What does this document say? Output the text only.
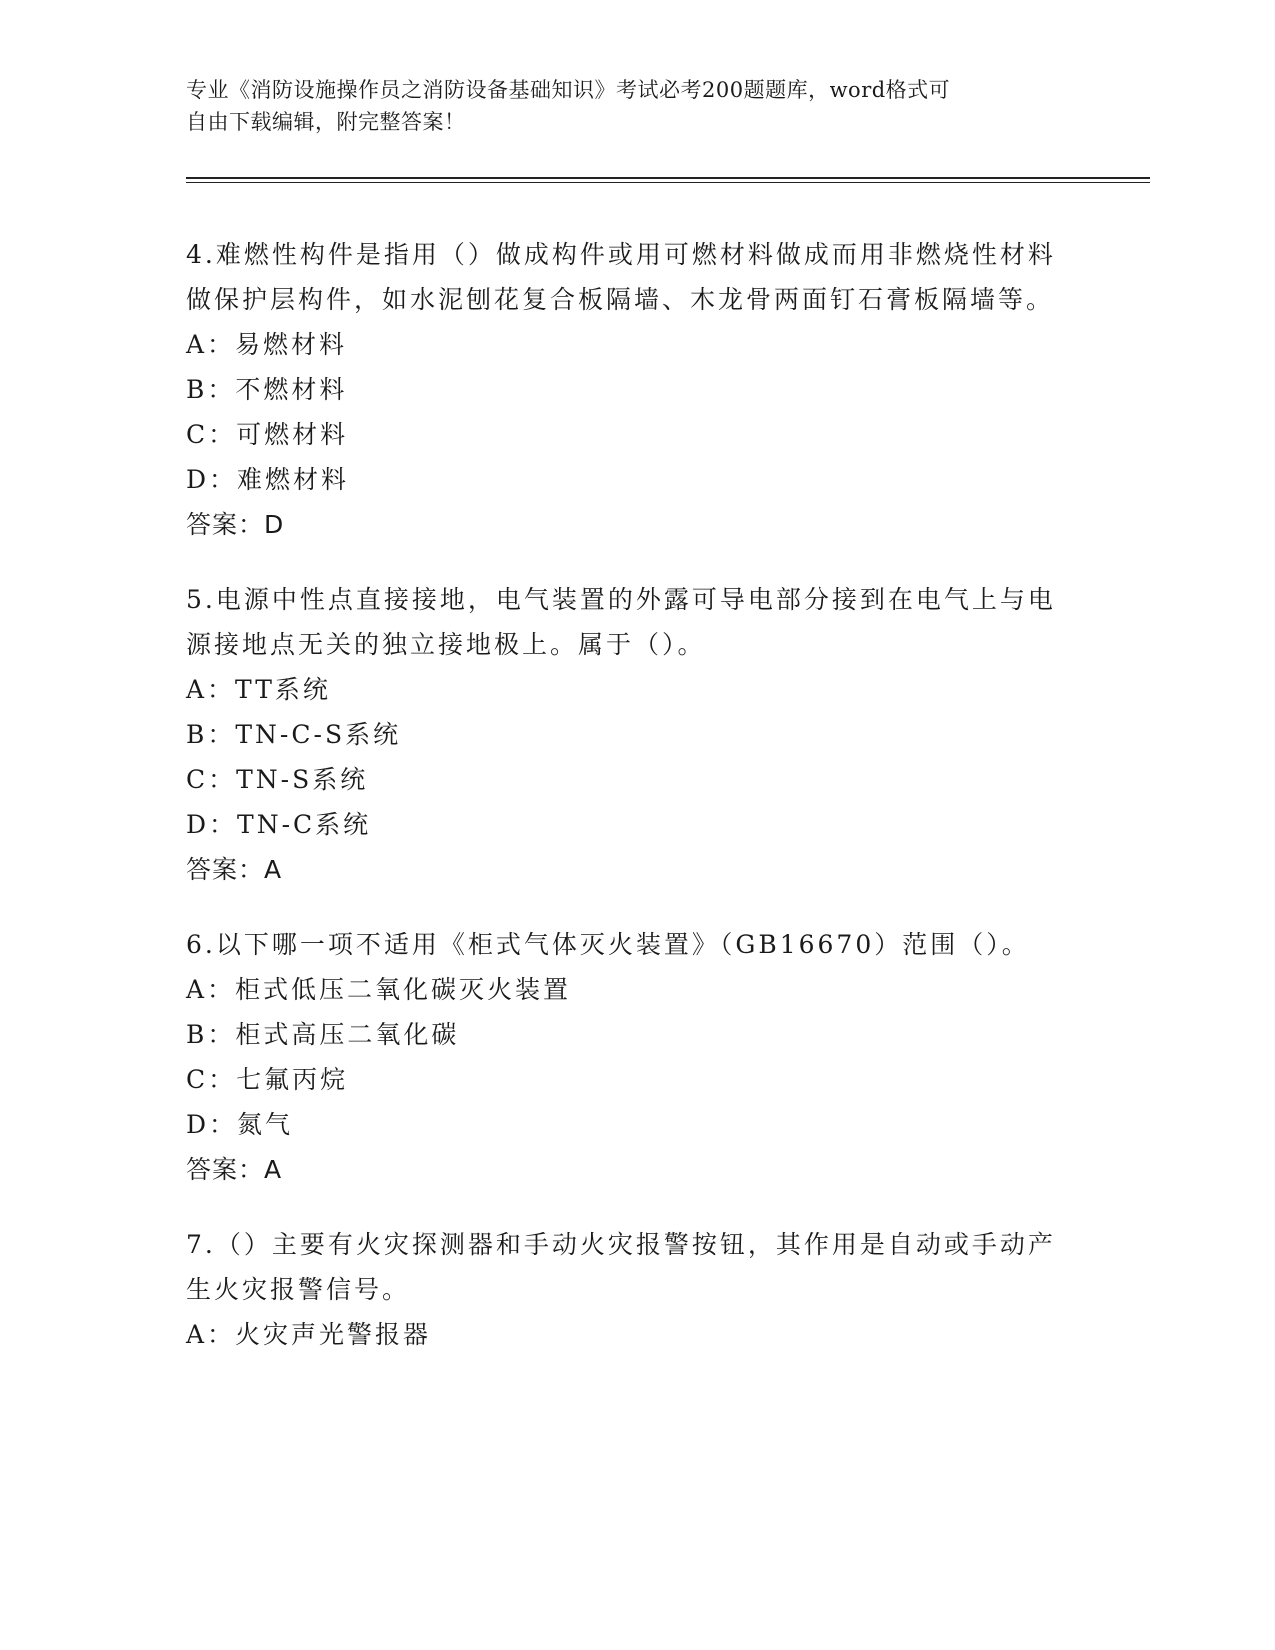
专业《消防设施操作员之消防设备基础知识》考试必考200题题库，word格式可
自由下载编辑，附完整答案！

4.难燃性构件是指用（）做成构件或用可燃材料做成而用非燃烧性材料做保护层构件，如水泥刨花复合板隔墙、木龙骨两面钉石膏板隔墙等。

A：易燃材料

B：不燃材料

C：可燃材料

D：难燃材料

答案：D

5.电源中性点直接接地，电气装置的外露可导电部分接到在电气上与电源接地点无关的独立接地极上。属于（）。

A：TT系统

B：TN-C-S系统

C：TN-S系统

D：TN-C系统

答案：A

6.以下哪一项不适用《柜式气体灭火装置》（GB16670）范围（）。

A：柜式低压二氧化碳灭火装置

B：柜式高压二氧化碳

C：七氟丙烷

D：氮气

答案：A

7.（）主要有火灾探测器和手动火灾报警按钮，其作用是自动或手动产生火灾报警信号。

A：火灾声光警报器
